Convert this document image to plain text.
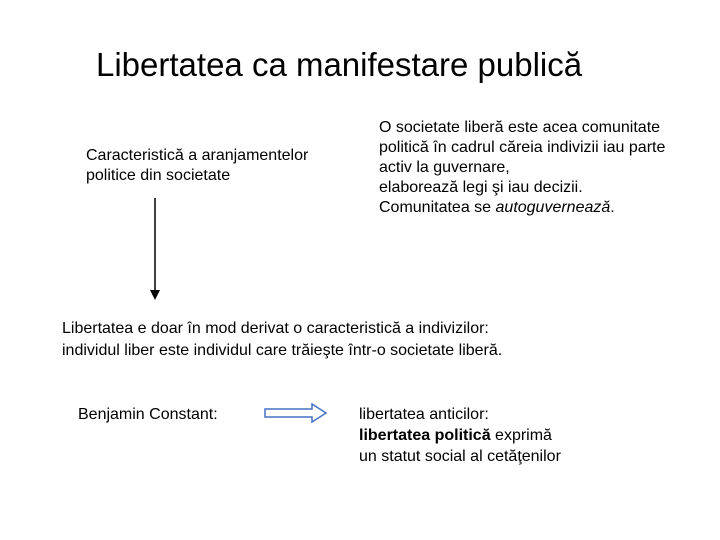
Libertatea ca manifestare publică
Caracteristică a aranjamentelor
politice din societate
O societate liberă este acea comunitate
politică în cadrul căreia indivizii iau parte
activ la guvernare,
elaborează legi şi iau decizii.
Comunitatea se autoguvernează.
Libertatea e doar în mod derivat o caracteristică a indivizilor:
individul liber este individul care trăieşte într-o societate liberă.
Benjamin Constant:	libertatea anticilor:
libertatea politică exprimă
un statut social al cetăţenilor
